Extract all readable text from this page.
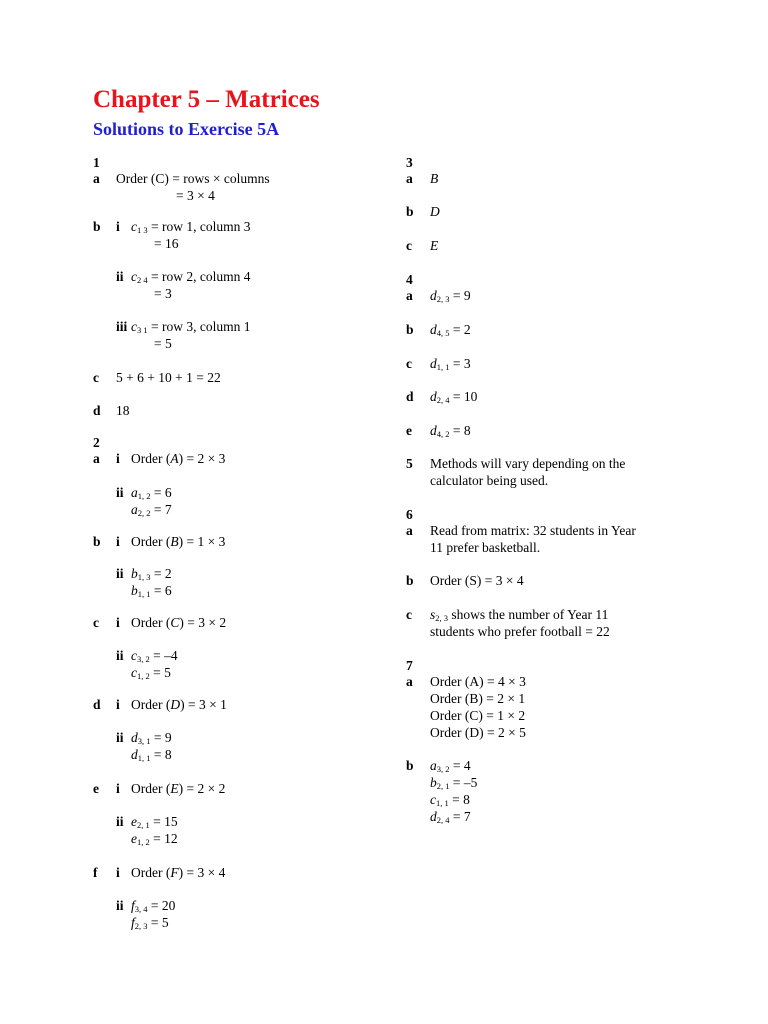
Chapter 5 – Matrices
Solutions to Exercise 5A
1
a Order (C) = rows × columns
= 3 × 4
b i $c_{1 3}$ = row 1, column 3
= 16
ii $c_{2 4}$ = row 2, column 4
= 3
iii $c_{3 1}$ = row 3, column 1
= 5
c 5 + 6 + 10 + 1 = 22
d 18
2
a i Order (A) = 2 × 3
ii $a_{1, 2} = 6$
$a_{2, 2} = 7$
b i Order (B) = 1 × 3
ii $b_{1, 3} = 2$
$b_{1, 1} = 6$
c i Order (C) = 3 × 2
ii $c_{3, 2} = -4$
$c_{1, 2} = 5$
d i Order (D) = 3 × 1
ii $d_{3, 1} = 9$
$d_{1, 1} = 8$
e i Order (E) = 2 × 2
ii $e_{2, 1} = 15$
$e_{1, 2} = 12$
f i Order (F) = 3 × 4
ii $f_{3, 4} = 20$
$f_{2, 3} = 5$
3
a B
b D
c E
4
a $d_{2, 3} = 9$
b $d_{4, 5} = 2$
c $d_{1, 1} = 3$
d $d_{2, 4} = 10$
e $d_{4, 2} = 8$
5 Methods will vary depending on the
calculator being used.
6
a Read from matrix: 32 students in Year
11 prefer basketball.
b Order (S) = 3 × 4
c $s_{2, 3}$ shows the number of Year 11
students who prefer football = 22
7
a Order (A) = 4 × 3
Order (B) = 2 × 1
Order (C) = 1 × 2
Order (D) = 2 × 5
b $a_{3, 2} = 4$
$b_{2, 1} = -5$
$c_{1, 1} = 8$
$d_{2, 4} = 7$
